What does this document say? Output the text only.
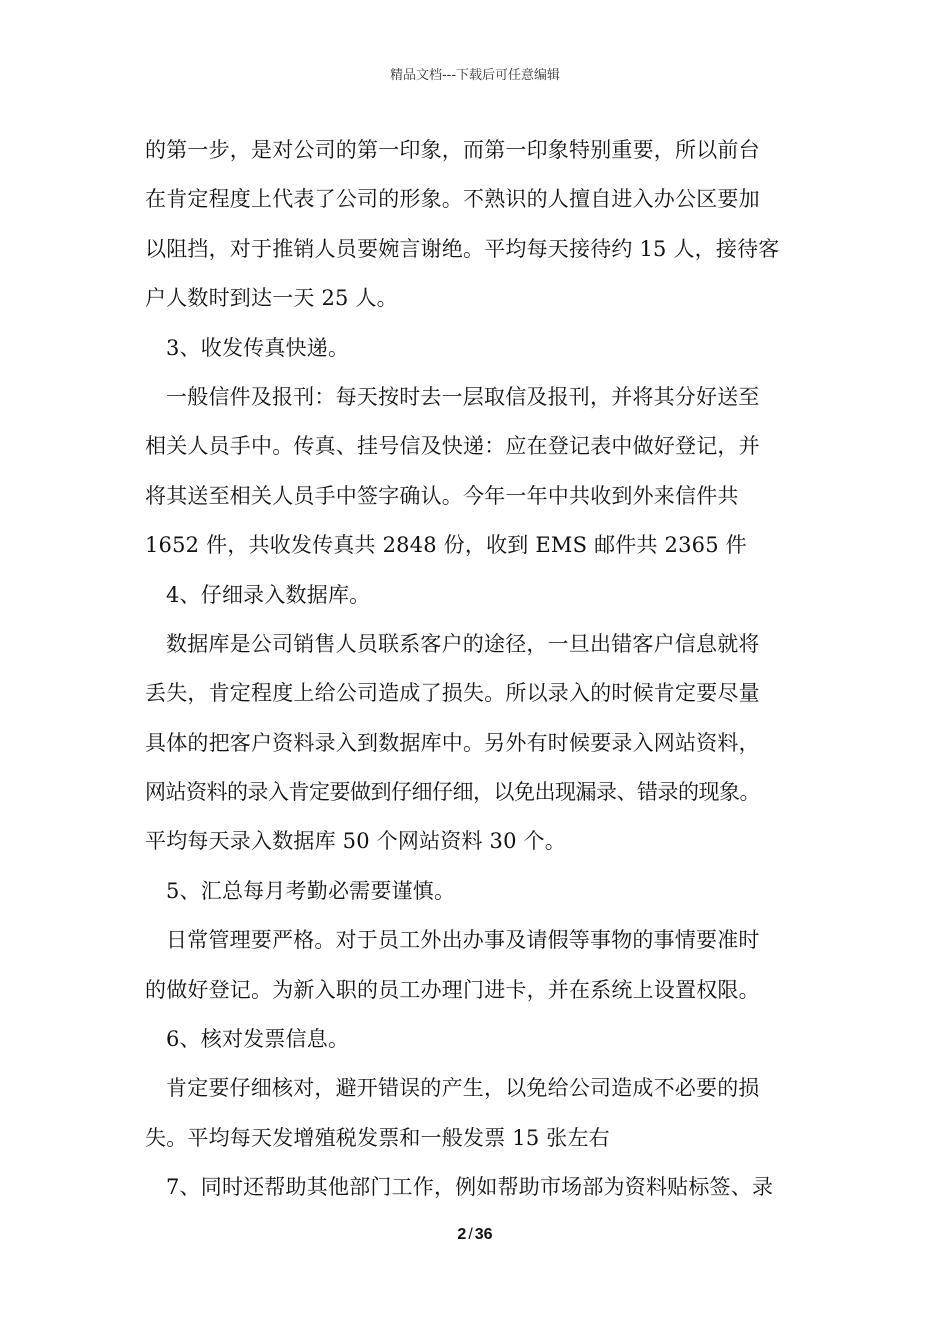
精品文档---下载后可任意编辑
的第一步，是对公司的第一印象，而第一印象特别重要，所以前台
在肯定程度上代表了公司的形象。不熟识的人擅自进入办公区要加
以阻挡，对于推销人员要婉言谢绝。平均每天接待约 15 人，接待客
户人数时到达一天 25 人。
3、收发传真快递。
一般信件及报刊：每天按时去一层取信及报刊，并将其分好送至
相关人员手中。传真、挂号信及快递：应在登记表中做好登记，并
将其送至相关人员手中签字确认。今年一年中共收到外来信件共
1652 件，共收发传真共 2848 份，收到 EMS 邮件共 2365 件
4、仔细录入数据库。
数据库是公司销售人员联系客户的途径，一旦出错客户信息就将
丢失，肯定程度上给公司造成了损失。所以录入的时候肯定要尽量
具体的把客户资料录入到数据库中。另外有时候要录入网站资料，
网站资料的录入肯定要做到仔细仔细，以免出现漏录、错录的现象。
平均每天录入数据库 50 个网站资料 30 个。
5、汇总每月考勤必需要谨慎。
日常管理要严格。对于员工外出办事及请假等事物的事情要准时
的做好登记。为新入职的员工办理门进卡，并在系统上设置权限。
6、核对发票信息。
肯定要仔细核对，避开错误的产生，以免给公司造成不必要的损
失。平均每天发增殖税发票和一般发票 15 张左右
7、同时还帮助其他部门工作，例如帮助市场部为资料贴标签、录
2 / 36
